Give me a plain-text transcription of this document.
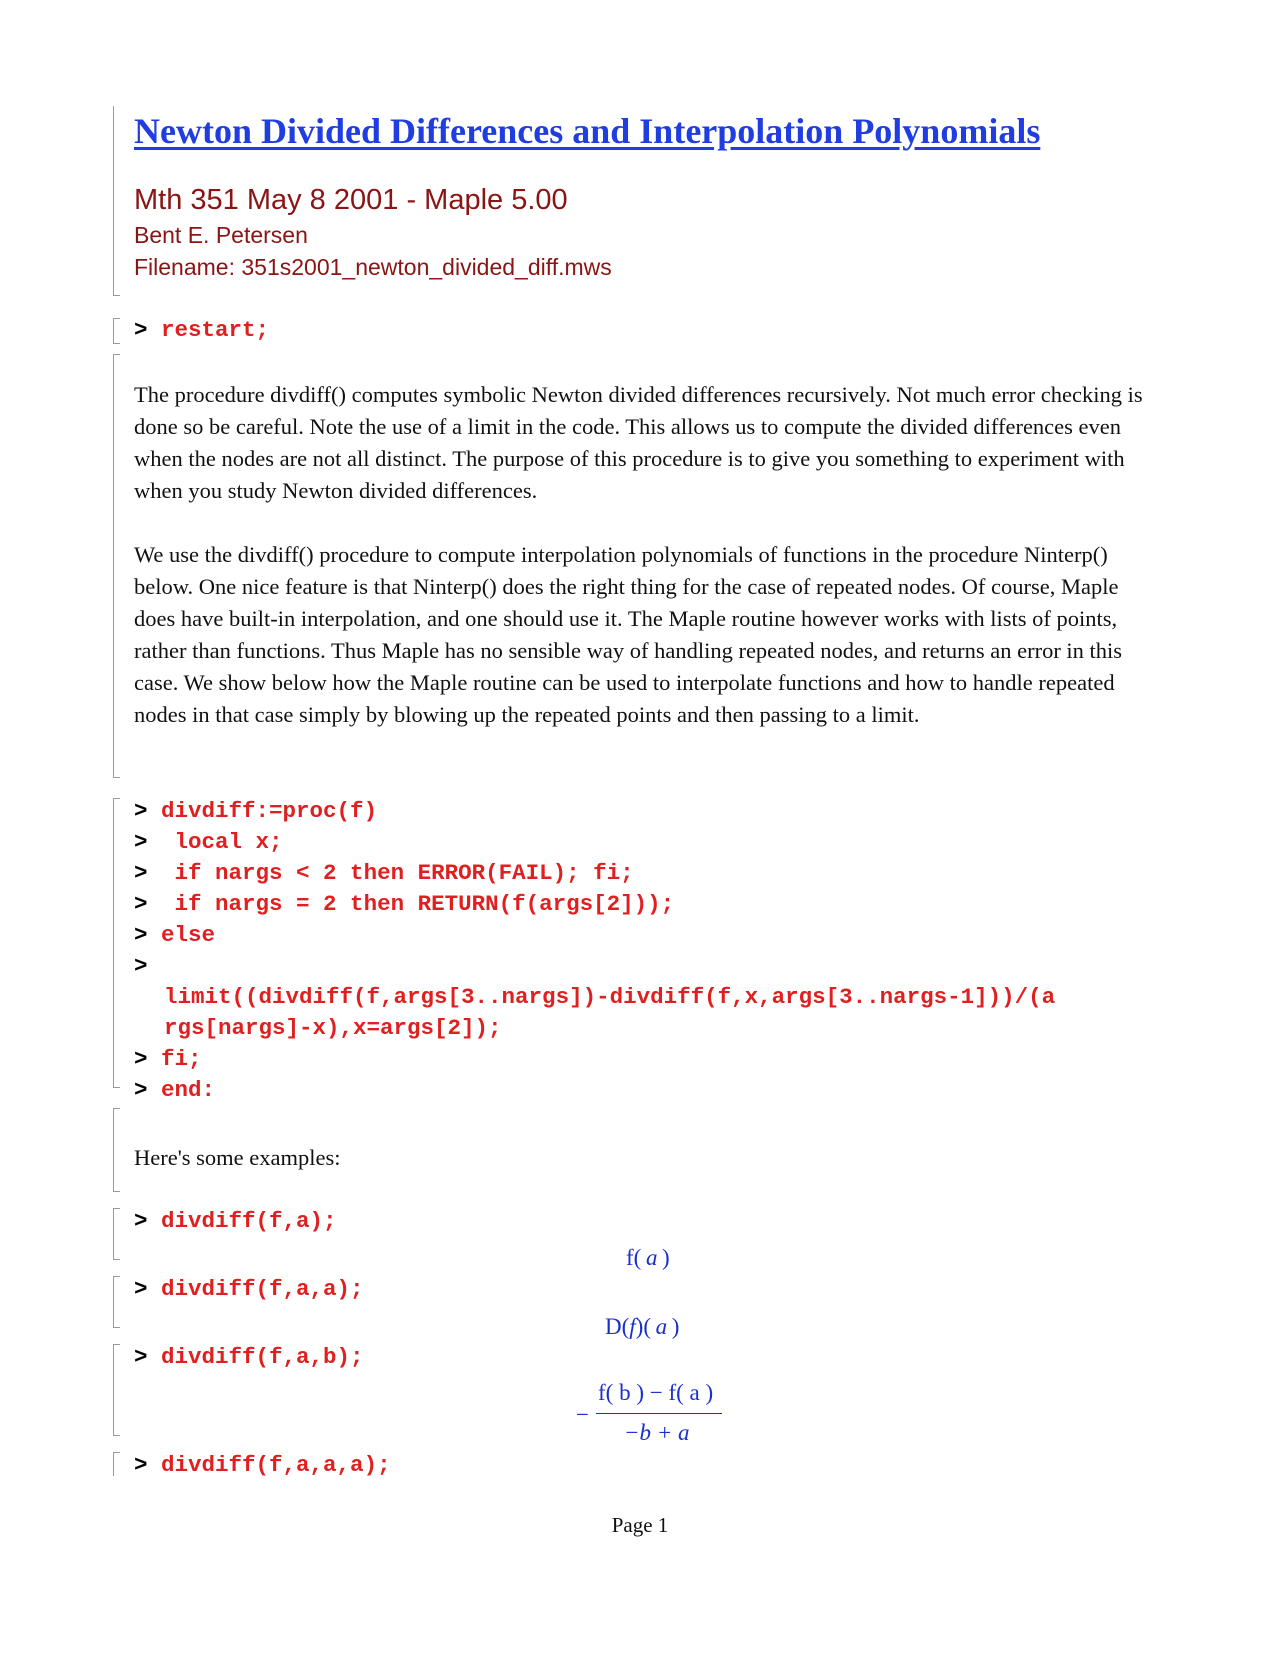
Newton Divided Differences and Interpolation Polynomials
Mth 351 May 8 2001 - Maple 5.00
Bent E. Petersen
Filename: 351s2001_newton_divided_diff.mws
> restart;
The procedure divdiff() computes symbolic Newton divided differences recursively. Not much error checking is done so be careful. Note the use of a limit in the code. This allows us to compute the divided differences even when the nodes are not all distinct. The purpose of this procedure is to give you something to experiment with when you study Newton divided differences.
We use the divdiff() procedure to compute interpolation polynomials of functions in the procedure Ninterp() below. One nice feature is that Ninterp() does the right thing for the case of repeated nodes. Of course, Maple does have built-in interpolation, and one should use it. The Maple routine however works with lists of points, rather than functions. Thus Maple has no sensible way of handling repeated nodes, and returns an error in this case. We show below how the Maple routine can be used to interpolate functions and how to handle repeated nodes in that case simply by blowing up the repeated points and then passing to a limit.
> divdiff:=proc(f)
>  local x;
>  if nargs < 2 then ERROR(FAIL); fi;
>  if nargs = 2 then RETURN(f(args[2]));
> else
>
limit((divdiff(f,args[3..nargs])-divdiff(f,x,args[3..nargs-1]))/(a
rgs[nargs]-x),x=args[2]);
> fi;
> end:
Here's some examples:
> divdiff(f,a);
f(  a  )
> divdiff(f,a,a);
D(f)(  a  )
> divdiff(f,a,b);
−
f( b ) − f( a )
−b + a
> divdiff(f,a,a,a);
Page 1
